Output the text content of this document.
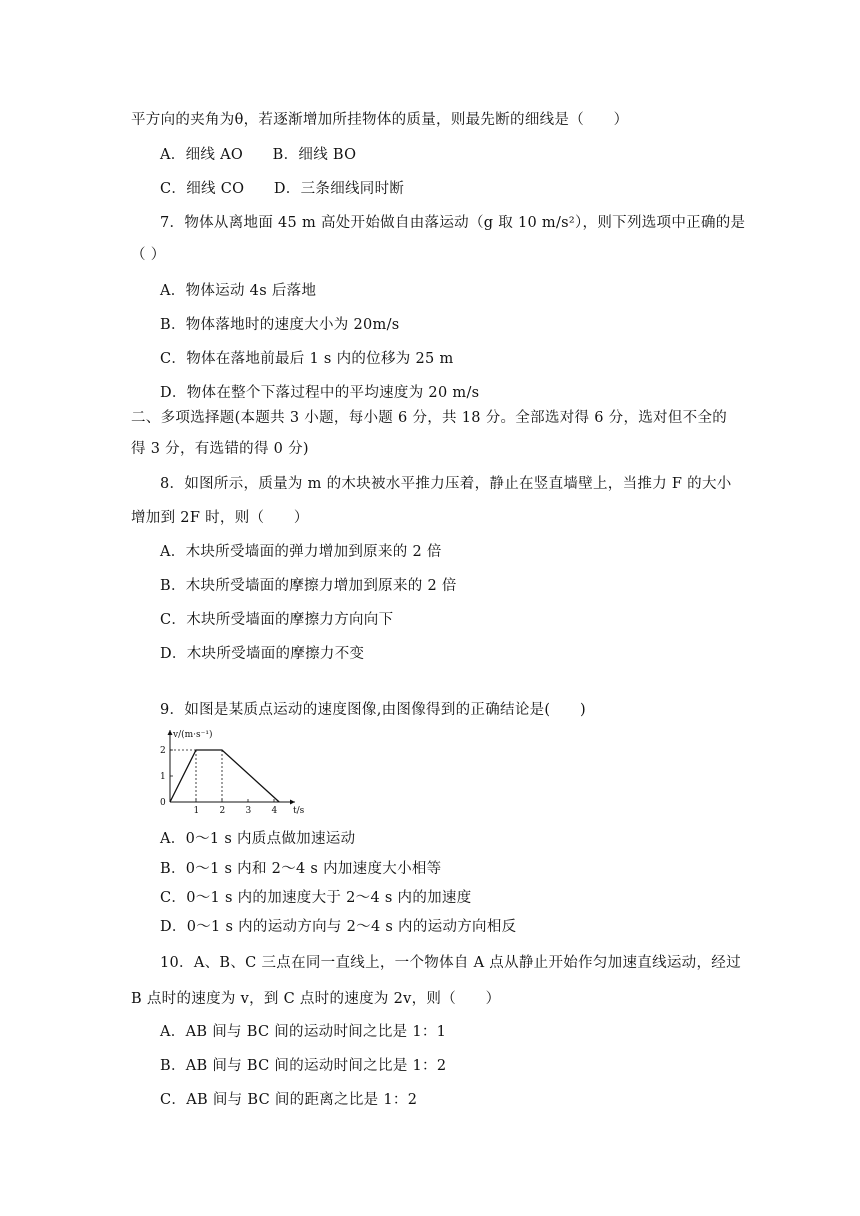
平方向的夹角为θ，若逐渐增加所挂物体的质量，则最先断的细线是（　　）
A．细线 AO　　B．细线 BO
C．细线 CO　　D．三条细线同时断
7．物体从离地面 45 m 高处开始做自由落运动（g 取 10 m/s²），则下列选项中正确的是
（ ）
A．物体运动 4s 后落地
B．物体落地时的速度大小为 20m/s
C．物体在落地前最后 1 s 内的位移为 25 m
D．物体在整个下落过程中的平均速度为 20 m/s
二、多项选择题(本题共 3 小题，每小题 6 分，共 18 分。全部选对得 6 分，选对但不全的
得 3 分，有选错的得 0 分)
8．如图所示，质量为 m 的木块被水平推力压着，静止在竖直墙壁上，当推力 F 的大小
增加到 2F 时，则（　　）
A．木块所受墙面的弹力增加到原来的 2 倍
B．木块所受墙面的摩擦力增加到原来的 2 倍
C．木块所受墙面的摩擦力方向向下
D．木块所受墙面的摩擦力不变
9．如图是某质点运动的速度图像,由图像得到的正确结论是(　　)
v/(m·s⁻¹)
t/s
1 2 3 4
0
1
2
A．0～1 s 内质点做加速运动
B．0～1 s 内和 2～4 s 内加速度大小相等
C．0～1 s 内的加速度大于 2～4 s 内的加速度
D．0～1 s 内的运动方向与 2～4 s 内的运动方向相反
10．A、B、C 三点在同一直线上，一个物体自 A 点从静止开始作匀加速直线运动，经过
B 点时的速度为 v，到 C 点时的速度为 2v，则（　　）
A．AB 间与 BC 间的运动时间之比是 1：1
B．AB 间与 BC 间的运动时间之比是 1：2
C．AB 间与 BC 间的距离之比是 1：2
